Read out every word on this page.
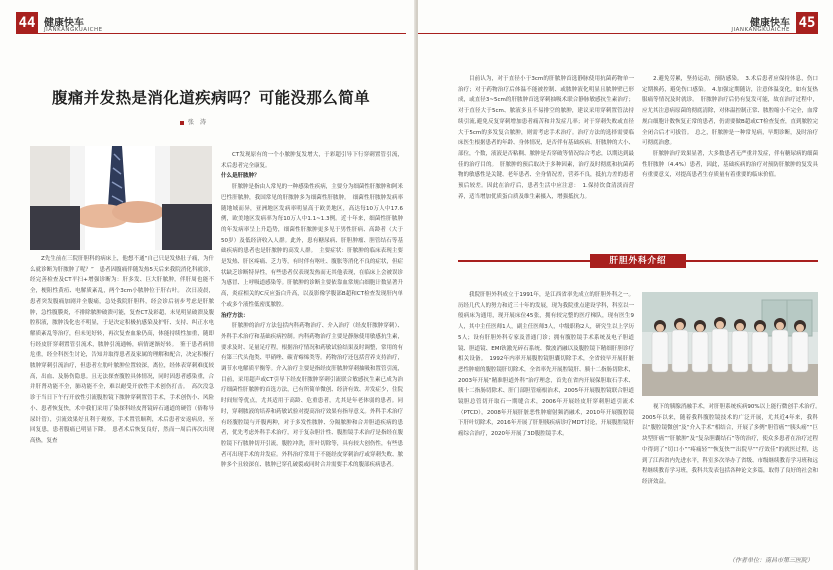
44 健康快车
JIANKANGKUAICHE
腹痛并发热是消化道疾病吗？可能没那么简单
张　涛

Z先生前在三院肝胆科的病床上，他想不通“自己只是发热肚子痛，为什么就诊断为肝脓肿了呢？”　患者因腹痛伴随发热5天后来我院消化科就诊，经完善检查及CT平扫+增强诊断为：肝多发、巨大肝脓肿，伴肝周也能不全，梗阻性黄疸、电解质紊乱，两个3cm小脓肿位于肝右叶。　次日凌晨，患者突发腹痛加剧并全腹痛，急处我院肝胆科，经会诊后初步考虑是肝脓肿，急性腹膜炎，不排除脓肿破溃可能，复查CT及彩超，未见明显破溃及腹腔积液，脓肿浅化也不明显，于是决定积极抗感染及护肝、支持、纠正水电解质紊乱等治疗，但未见好转，再次复查血象仍高，体能持续性加重，随即行经皮肝穿刺置管引流术，脓肿引流通畅，病情逐渐好转。　鉴于患者病情危重，经全科医生讨论，告知并取得患者及家属的理解和配合，决定积极行脓肿穿刺引流治疗，但患者左肋叶脓肿位置较深，离位，经体表穿刺难度较高，出血、及肠伤隐患。且无法探查腹腔具体情况，同时因患者感染重，合并肝肾功能不全，肺功能不全，难以耐受开放性手术创伤打击。　高次没急诊于当日下午行开放性引流腹腔镜下脓肿穿刺置管手术，手术创伤小、风险小、患者恢复快，术中我们采用了染探科经皮肾镜碎石通道的硬管（俗称导尿针管），引流效果好且利于观察，手术置管顺利，术后患者安返病房，至回复患，患者腹痛已明显下降。　患者术后恢复良好，然而一周后再次出现高热，复查

CT发现原有的一个小脓肿复发增大，于彩超引导下行穿刺置管引流，术后患者完全康复。

什么是肝脓肿？

肝脓肿是指由人常见的一种感染性疾病，主要分为细菌性肝脓肿和阿米巴性肝脓肿，我国常见的肝脓肿多为细菌性肝脓肿。　细菌性肝脓肿发病率随地域而异，亚洲地区发病率明显高于欧美地区，高达每10万人中17.6例，欧美地区发病率为每10万人中1.1~1.3例。近十年来，细菌性肝脓肿的年发病率呈上升趋势，细菌性肝脓肿更多见于男性肝病、高龄者（大于50岁）及低经济收入人群。此外，患有糖尿病、肝胆肿瘤、胆管结石等基础疾病的患者也是肝脓肿的高发人群。　主要症状：肝脓肿的临床表现主要是发热、肝区疼痛、乏力等，有时伴有呕吐、腹胀等消化不良的症状，但症状缺乏诊断特异性，有些患者仅表现发热而无其他表现，在临床上会被误诊为感冒、上呼吸道感染等。肝脓肿的诊断主要依靠血常规白细胞计数显著升高，炎症相关的C反应蛋白升高，以及影像学腹部B超和CT检查发现肝内单个或多个液性低密度脓腔。

治疗方法：

肝脓肿的治疗方法包括内科药物治疗、介入治疗（经皮肝脓肿穿刺）、外科手术治疗和基础疾病控制。内科药物治疗主要是静脉使用敏感抗生素，要求及时、足量足疗程，根据治疗情况和药敏试验结果及时调整，常用的有有第三代头孢类、甲硝唑、碳青霉烯类等。药物治疗还包括营养支持治疗，调节水电解质平衡等。介入治疗主要是指经皮肝脓肿穿刺抽吸和置管引流，目前，采用超声或CT引导下经皮肝脓肿穿刺引流联合敏感抗生素已成为治疗细菌性肝脓肿的首选方法，已有所简单微创、经济有效、并发症少，住院时间短等优点，尤其适用于高龄、危重患者，尤其是年老体弱的患者。同时，穿刺脓液的培养和药敏试验对提高治疗效果有指导意义。外科手术治疗有经腹腔镜与开腹两种，对于多发性脓肿、分隔脓肿和合并胆道疾病的患者，优先考虑外科手术治疗，对于复杂胆汁性、腹腔镜手术治疗是指经在腹腔镜下行脓肿切开引流，腹腔冲洗，肝叶切除等，具有较大创伤性，有些患者可出现手术的并发症。外科治疗常用于不能经皮穿刺治疗或穿刺失败、脓肿多个且较深在、脓肿已穿孔破裂或同时合并需要手术的腹部疾病患者。

45
健康快车
JIANKANGKUAICHE

目前认为，对于直径小于3cm的肝脓肿首选静脉使用抗菌药物单一治疗；对于药物治疗后体温不能被控制、或脓肿液化明显且脓肿壁已形成，或直径3~5cm的肝脓肿首选穿刺抽吸术联合静脉敏感抗生素治疗；对于直径大于5cm、脓液多且不易排空的脓肿，建议采用穿刺置管法持续引流,避免反复穿刺增加患者痛苦和并发症几率；对于穿刺失败或直径大于5cm的多发复合脓肿，则需考虑手术治疗。治疗方法的选择需要临床医生根据患者的年龄、身体情况，是否伴有基础疾病、肝脓肿的大小、部位，个数，液液是否粘稠、脓肿是否穿破等情况综合考虑，以期达到最佳的治疗目的。　肝脓肿的预后取决于多种因素，治疗及时彻底和抗菌药物的敏感性是关键、老年患者、全身情况差，营养不良，抵抗力差的患者预后较差。因此在治疗后，患者生活中应注意：　1.保持饮食清淡而营养，适当增加优质蛋白质及维生素摄入，增强抵抗力。

2.避免劳累，坚持运动，预防感染。　3.术后患者应保持体息，伤口定期换药，避免伤口感染。　4.加强定期随访，注意体温变化，如有复热服痛等情况及时就诊。　肝脓肿治疗后仍有复发可能，故在治疗过程中，应尤其注意病原菌的彻底清除，对体温控制正常、脓腔缩小不完全，血常规白细胞计数恢复正常的患者，仍需要做B超或CT检查复查，直到脓腔完全闭合后才可拔管。　总之，肝脓肿是一种常见病，早期诊断，及时治疗可彻底治愈。

肝脓肿治疗效果显著，大多数患者无严重并发症，伴有糖尿病的细菌性肝脓肿（4.4%）患者，因此，基础疾病的治疗对预防肝脓肿的复发具有重要意义，对提高患者生存质量有着重要的临床价值。

肝胆外科介绍

我院肝胆外科成立于1991年，是江西省率先成立的肝胆外科之一。历经几代人的努力和近三十年的发展，现为我院重点建设学科，科室以一般病床为通用，现开展床位45张，拥有较完整的医疗梯队，现有医生9人，其中主任医师1人，副主任医师3人，中级职称2人，研究生以上学历5人；设有肝胆外科专家及普通门诊；拥有腹腔镜手术系统及电子胆道镜、胆道镜、EMI钬激光碎石系统、微波消融以及腹腔镜下精细肝胆诊疗相关设备。　1992年内率开展腹腔镜胆囊切除手术，全省较早开展肝脏恶性肿瘤的腹腔镜肝切除术，全省率先开展腔镜肝、胰十二指肠切除术，2003年开展“精准胆道外科”治疗理念，首先在省内开展保胆取石手术、胰十二指肠切除术、肝门部胆管癌根治术，2005年开展腹腔镜联合胆道镜胆总管切开取石一期缝合术，2006年开展经皮肝穿刺胆道引流术（PTCD），2008年开展肝脏恶性肿瘤射频消融术，2010年开展腹腔镜下肝叶切除术，2016年开展了肝胆胰疾病诊疗MDT讨论，开展腹腔镜肝癌综合治疗，2020年开展了3D腹腔镜手术。

视下的胰腺消融手术，对肝胆系统疾病90%以上能行微创手术治疗。　2005年以来，随着我科腹腔镜技术的广泛开展，尤其近4年来，我科以“腹腔镜微创”及“介入手术”相结合，开展了多例“胆管癌”“胰头癌”“巨块型肝癌”“肝脓肿”及“复杂胆囊结石”等的治疗，使众多患者在治疗过程中得到了“切口小”“疼痛轻”“恢复快”“出院早”“疗效佳”的就医过程，达到了江西省内先进水平，科室多次举办了省级、市级继续教育学习班和远程继续教育学习班，我科共发表包括各种论文多篇，取得了良好的社会和经济效益。

（作者单位：南昌市第三医院）
